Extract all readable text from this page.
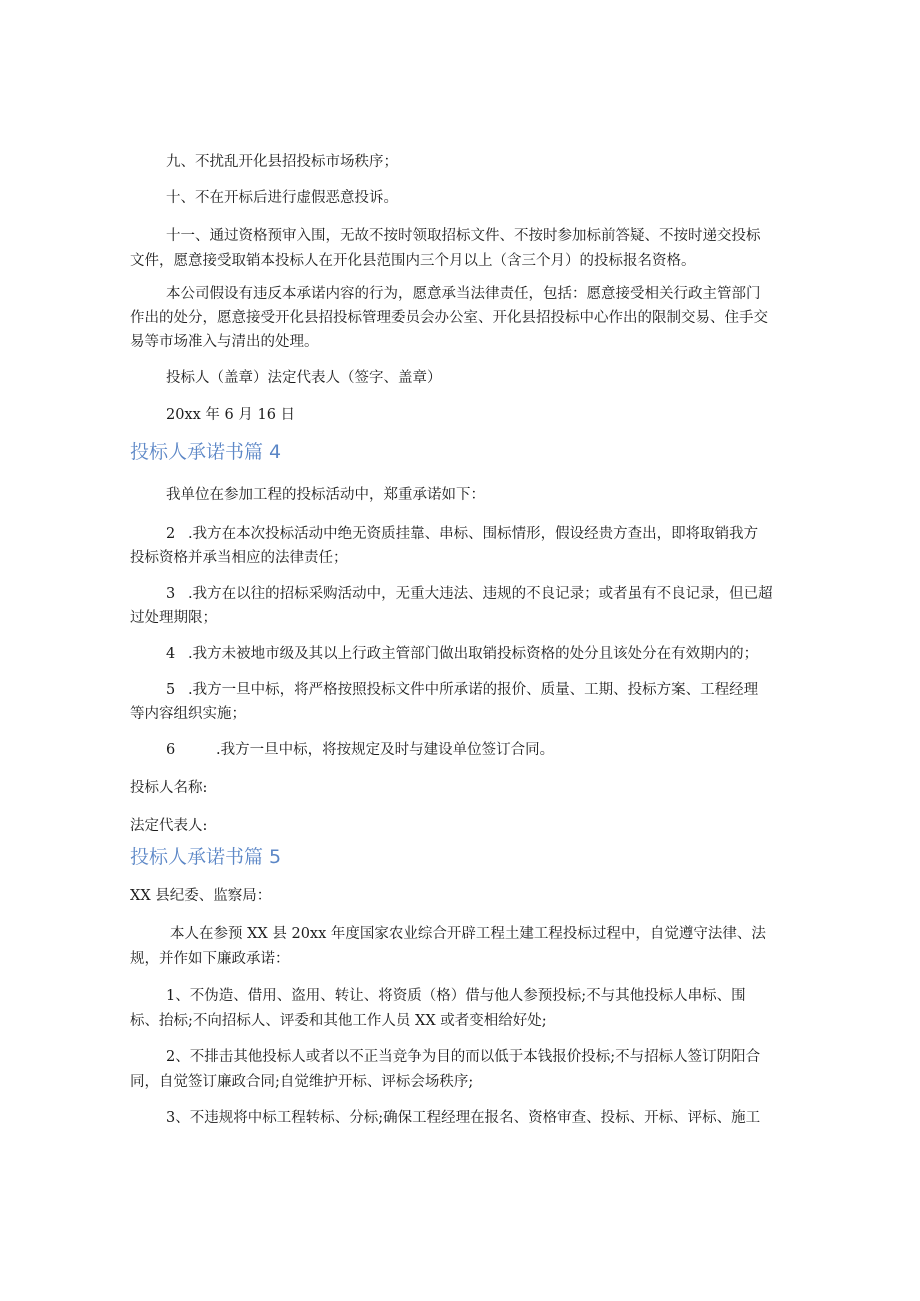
九、不扰乱开化县招投标市场秩序；
十、不在开标后进行虚假恶意投诉。
十一、通过资格预审入围，无故不按时领取招标文件、不按时参加标前答疑、不按时递交投标
文件，愿意接受取销本投标人在开化县范围内三个月以上（含三个月）的投标报名资格。
本公司假设有违反本承诺内容的行为，愿意承当法律责任，包括：愿意接受相关行政主管部门
作出的处分，愿意接受开化县招投标管理委员会办公室、开化县招投标中心作出的限制交易、住手交
易等市场准入与清出的处理。
投标人（盖章）法定代表人（签字、盖章）
20xx 年 6 月 16 日
投标人承诺书篇 4
我单位在参加工程的投标活动中，郑重承诺如下：
2 .我方在本次投标活动中绝无资质挂靠、串标、围标情形，假设经贵方查出，即将取销我方
投标资格并承当相应的法律责任；
3 .我方在以往的招标采购活动中，无重大违法、违规的不良记录；或者虽有不良记录，但已超
过处理期限；
4 .我方未被地市级及其以上行政主管部门做出取销投标资格的处分且该处分在有效期内的；
5 .我方一旦中标，将严格按照投标文件中所承诺的报价、质量、工期、投标方案、工程经理
等内容组织实施；
6	.我方一旦中标，将按规定及时与建设单位签订合同。
投标人名称:
法定代表人:
投标人承诺书篇 5
XX 县纪委、监察局：
本人在参预 XX 县 20xx 年度国家农业综合开辟工程土建工程投标过程中，自觉遵守法律、法
规，并作如下廉政承诺：
1、不伪造、借用、盗用、转让、将资质（格）借与他人参预投标;不与其他投标人串标、围
标、抬标;不向招标人、评委和其他工作人员 XX 或者变相给好处;
2、不排击其他投标人或者以不正当竞争为目的而以低于本钱报价投标;不与招标人签订阴阳合
同，自觉签订廉政合同;自觉维护开标、评标会场秩序;
3、不违规将中标工程转标、分标;确保工程经理在报名、资格审查、投标、开标、评标、施工
